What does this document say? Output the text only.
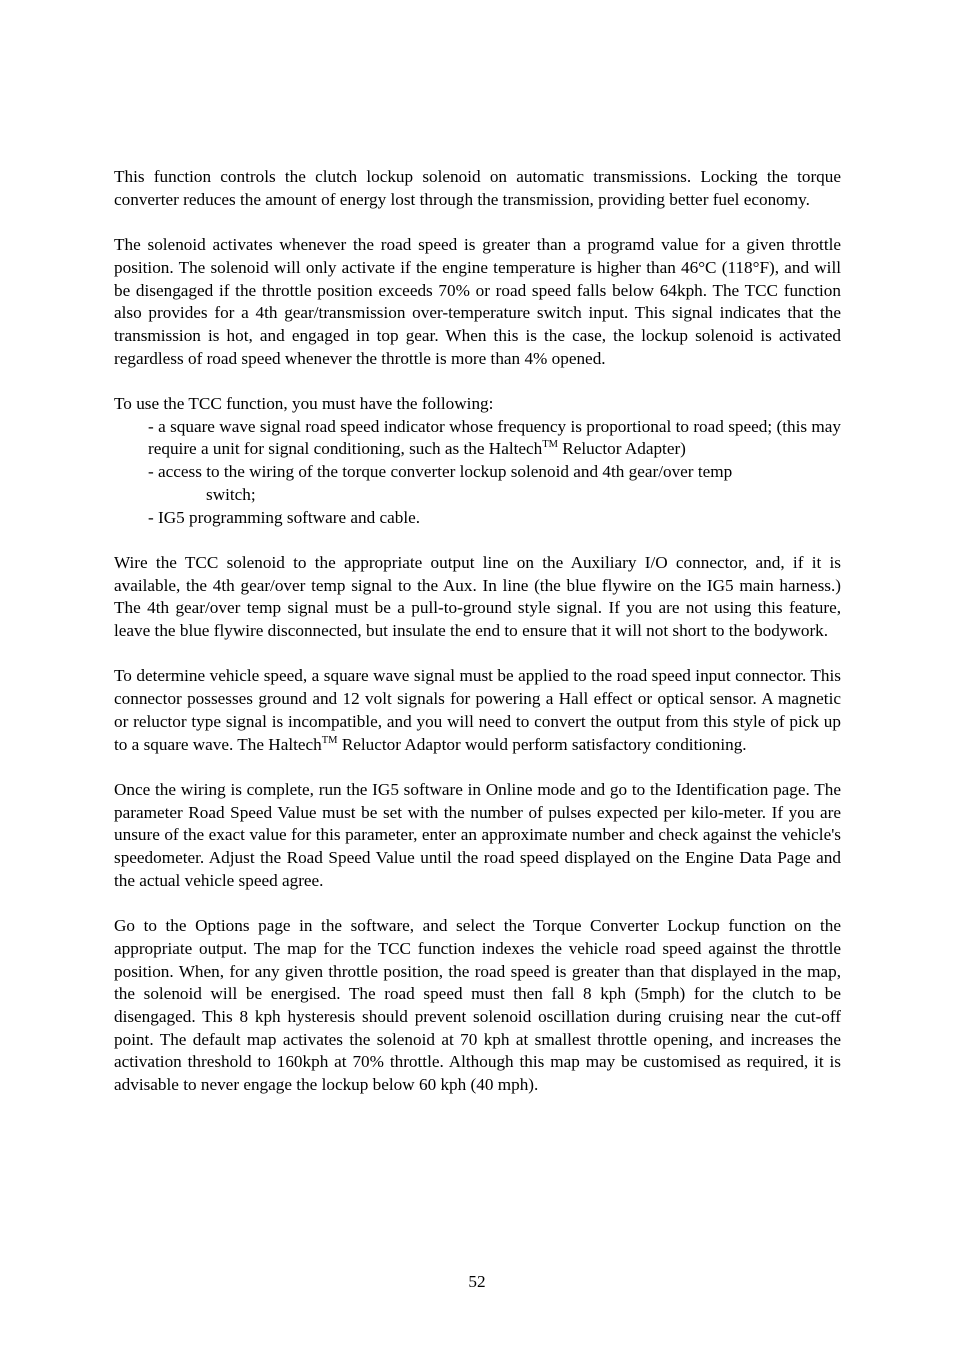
This function controls the clutch lockup solenoid on automatic transmissions. Locking the torque converter reduces the amount of energy lost through the transmission, providing better fuel economy.

The solenoid activates whenever the road speed is greater than a programd value for a given throttle position. The solenoid will only activate if the engine temperature is higher than 46°C (118°F), and will be disengaged if the throttle position exceeds 70% or road speed falls below 64kph. The TCC function also provides for a 4th gear/transmission over-temperature switch input. This signal indicates that the transmission is hot, and engaged in top gear. When this is the case, the lockup solenoid is activated regardless of road speed whenever the throttle is more than 4% opened.

To use the TCC function, you must have the following:

- a square wave signal road speed indicator whose frequency is proportional to road speed; (this may require a unit for signal conditioning, such as the Haltech™ Reluctor Adapter)

- access to the wiring of the torque converter lockup solenoid and 4th gear/over temp
switch;

- IG5 programming software and cable.

Wire the TCC solenoid to the appropriate output line on the Auxiliary I/O connector, and, if it is available, the 4th gear/over temp signal to the Aux. In line (the blue flywire on the IG5 main harness.) The 4th gear/over temp signal must be a pull-to-ground style signal. If you are not using this feature, leave the blue flywire disconnected, but insulate the end to ensure that it will not short to the bodywork.

To determine vehicle speed, a square wave signal must be applied to the road speed input connector. This connector possesses ground and 12 volt signals for powering a Hall effect or optical sensor. A magnetic or reluctor type signal is incompatible, and you will need to convert the output from this style of pick up to a square wave. The Haltech™ Reluctor Adaptor would perform satisfactory conditioning.

Once the wiring is complete, run the IG5 software in Online mode and go to the Identification page. The parameter Road Speed Value must be set with the number of pulses expected per kilo-meter. If you are unsure of the exact value for this parameter, enter an approximate number and check against the vehicle's speedometer. Adjust the Road Speed Value until the road speed displayed on the Engine Data Page and the actual vehicle speed agree.

Go to the Options page in the software, and select the Torque Converter Lockup function on the appropriate output. The map for the TCC function indexes the vehicle road speed against the throttle position. When, for any given throttle position, the road speed is greater than that displayed in the map, the solenoid will be energised. The road speed must then fall 8 kph (5mph) for the clutch to be disengaged. This 8 kph hysteresis should prevent solenoid oscillation during cruising near the cut-off point. The default map activates the solenoid at 70 kph at smallest throttle opening, and increases the activation threshold to 160kph at 70% throttle. Although this map may be customised as required, it is advisable to never engage the lockup below 60 kph (40 mph).

52
